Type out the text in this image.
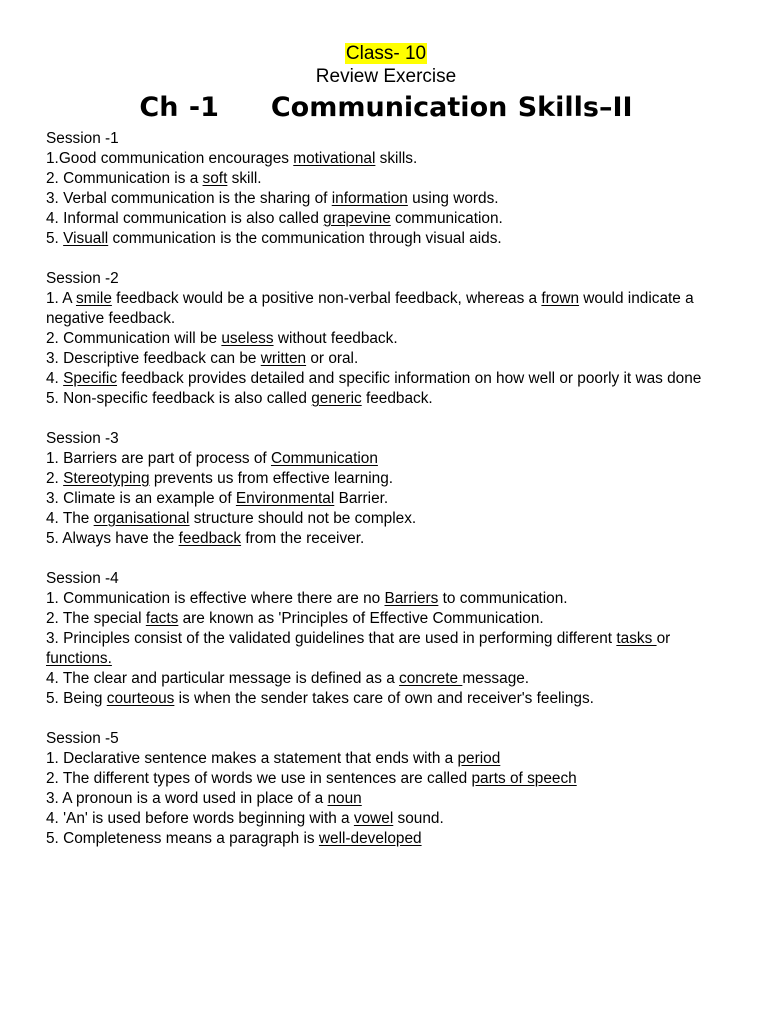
Class- 10
Review Exercise
Ch -1     Communication Skills–II
Session -1
1.Good communication encourages motivational skills.
2. Communication is a soft skill.
3. Verbal communication is the sharing of information using words.
4. Informal communication is also called grapevine communication.
5. Visuall communication is the communication through visual aids.
Session -2
1. A smile feedback would be a positive non-verbal feedback, whereas a frown would indicate a negative feedback.
2. Communication will be useless without feedback.
3. Descriptive feedback can be written or oral.
4. Specific feedback provides detailed and specific information on how well or poorly it was done
5. Non-specific feedback is also called generic feedback.
Session -3
1. Barriers are part of process of Communication
2. Stereotyping prevents us from effective learning.
3. Climate is an example of Environmental Barrier.
4. The organisational structure should not be complex.
5. Always have the feedback from the receiver.
Session -4
1. Communication is effective where there are no Barriers to communication.
2. The special facts are known as 'Principles of Effective Communication.
3. Principles consist of the validated guidelines that are used in performing different tasks or functions.
4. The clear and particular message is defined as a concrete message.
5. Being courteous is when the sender takes care of own and receiver's feelings.
Session -5
1. Declarative sentence makes a statement that ends with a period
2. The different types of words we use in sentences are called parts of speech
3. A pronoun is a word used in place of a noun
4. 'An' is used before words beginning with a vowel sound.
5. Completeness means a paragraph is well-developed
